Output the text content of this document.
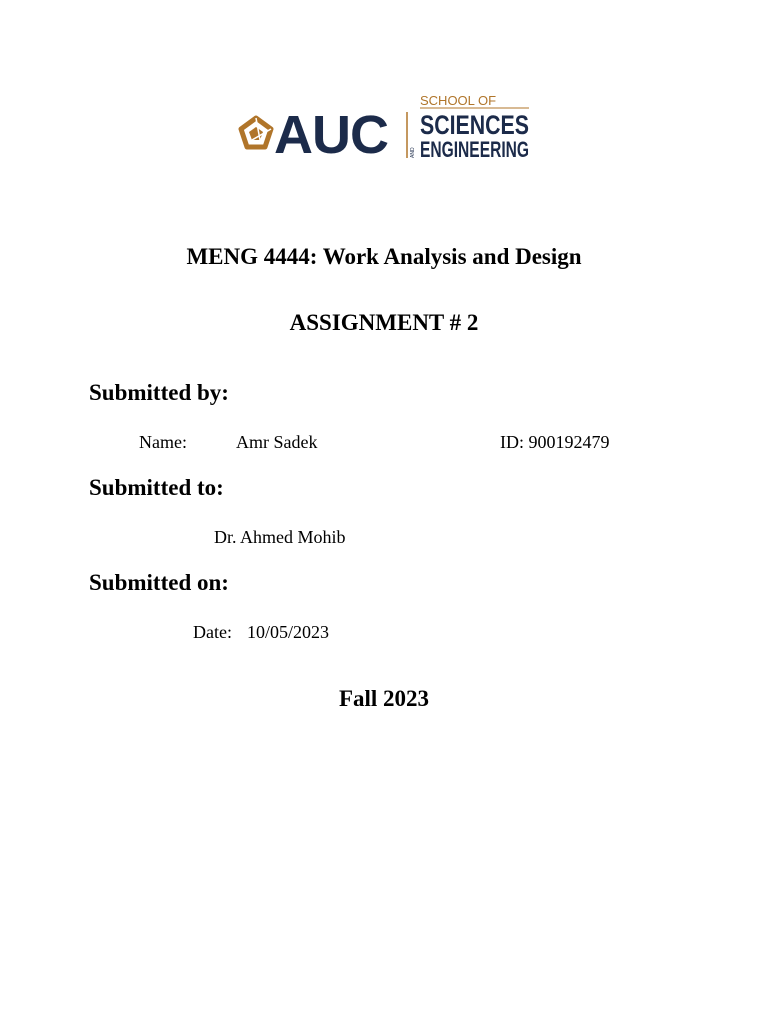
AUC
SCHOOL OF
SCIENCES
AND ENGINEERING
MENG 4444: Work Analysis and Design
ASSIGNMENT # 2
Submitted by:
Name:	Amr Sadek	ID: 900192479
Submitted to:
Dr. Ahmed Mohib
Submitted on:
Date: 10/05/2023
Fall 2023
